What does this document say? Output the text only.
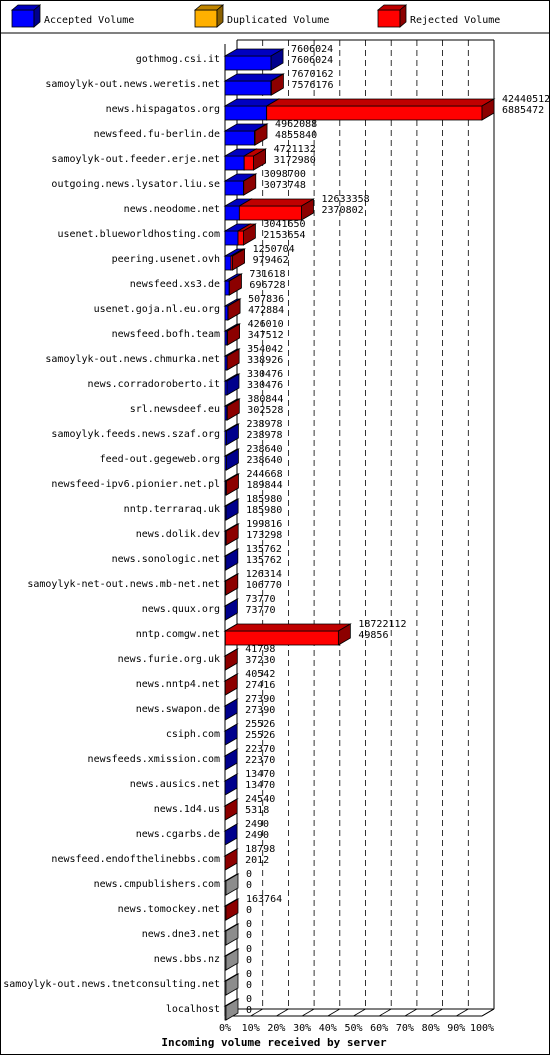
Accepted Volume	Duplicated Volume	Rejected Volume
gothmog.csi.it
samoylyk-out.news.weretis.net
news.hispagatos.org
newsfeed.fu-berlin.de
samoylyk-out.feeder.erje.net
outgoing.news.lysator.liu.se
news.neodome.net
usenet.blueworldhosting.com
peering.usenet.ovh
newsfeed.xs3.de
usenet.goja.nl.eu.org
newsfeed.bofh.team
samoylyk-out.news.chmurka.net
news.corradoroberto.it
srl.newsdeef.eu
samoylyk.feeds.news.szaf.org
feed-out.gegeweb.org
newsfeed-ipv6.pionier.net.pl
nntp.terraraq.uk
news.dolik.dev
news.sonologic.net
samoylyk-net-out.news.mb-net.net
news.quux.org
nntp.comgw.net
news.furie.org.uk
news.nntp4.net
news.swapon.de
csiph.com
newsfeeds.xmission.com
news.ausics.net
news.1d4.us
news.cgarbs.de
newsfeed.endofthelinebbs.com
news.cmpublishers.com
news.tomockey.net
news.dne3.net
news.bbs.nz
samoylyk-out.news.tnetconsulting.net
localhost
7606024
7606024
7670162
7576176
42440512
6885472
4962088
4855840
4721132
3172980
3098700
3073748
12633358
2370802
3041650
2153654
1250704
979462
731618
696728
507836
472884
426010
347512
354042
338926
330476
330476
380844
302528
238978
238978
238640
238640
244668
189844
185980
185980
199816
173298
135762
135762
126314
106770
73770
73770
18722112
49856
41798
37230
40542
27416
27390
27390
25526
25526
22370
22370
13470
13470
24540
5318
2490
2490
18798
2012
0
0
163764
0
0
0
0
0
0
0
0
0
0% 10% 20% 30% 40% 50% 60% 70% 80% 90% 100%
Incoming volume received by server
